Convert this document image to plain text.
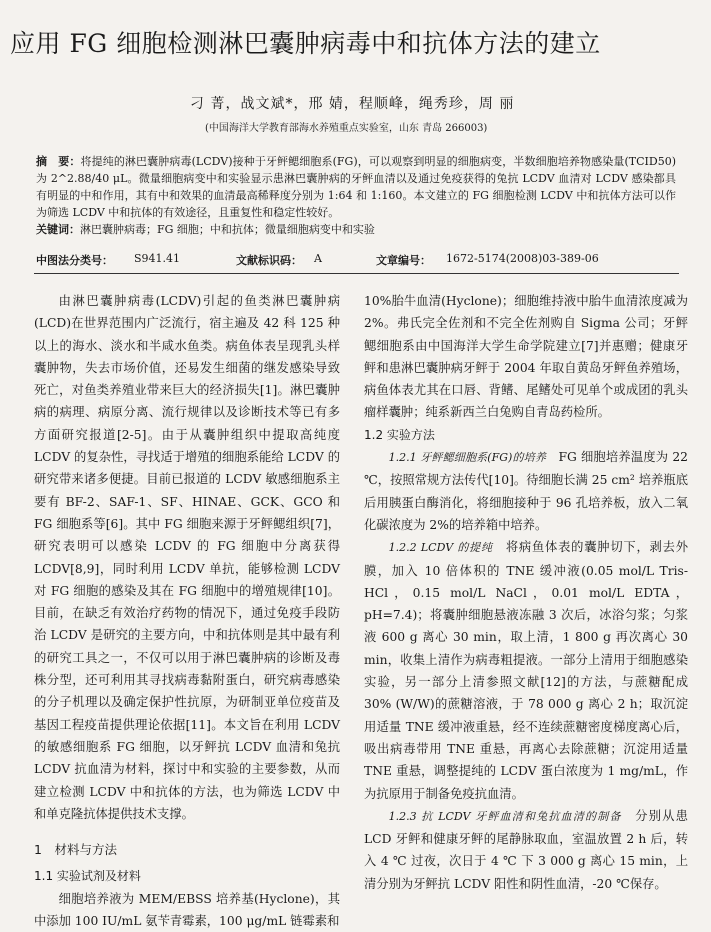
应用 FG 细胞检测淋巴囊肿病毒中和抗体方法的建立
刁 菁，战文斌*，邢 婧，程顺峰，绳秀珍，周 丽
(中国海洋大学教育部海水养殖重点实验室，山东 青岛 266003)

摘　要：将提纯的淋巴囊肿病毒(LCDV)接种于牙鲆鳃细胞系(FG)，可以观察到明显的细胞病变，半数细胞培养物感染量(TCID50)为 2^2.88/40 μL。微量细胞病变中和实验显示患淋巴囊肿病的牙鲆血清以及通过免疫获得的兔抗 LCDV 血清对 LCDV 感染都具有明显的中和作用，其有中和效果的血清最高稀释度分别为 1:64 和 1:160。本文建立的 FG 细胞检测 LCDV 中和抗体方法可以作为筛选 LCDV 中和抗体的有效途径，且重复性和稳定性较好。

关键词：淋巴囊肿病毒；FG 细胞；中和抗体；微量细胞病变中和实验

中图法分类号： S941.41	文献标识码： A	文章编号： 1672-5174(2008)03-389-06

由淋巴囊肿病毒(LCDV)引起的鱼类淋巴囊肿病(LCD)在世界范围内广泛流行，宿主遍及 42 科 125 种以上的海水、淡水和半咸水鱼类。病鱼体表呈现乳头样囊肿物，失去市场价值，还易发生细菌的继发感染导致死亡，对鱼类养殖业带来巨大的经济损失[1]。淋巴囊肿病的病理、病原分离、流行规律以及诊断技术等已有多方面研究报道[2-5]。由于从囊肿组织中提取高纯度 LCDV 的复杂性，寻找适于增殖的细胞系能给 LCDV 的研究带来诸多便捷。目前已报道的 LCDV 敏感细胞系主要有 BF-2、SAF-1、SF、HINAE、GCK、GCO 和 FG 细胞系等[6]。其中 FG 细胞来源于牙鲆鳃组织[7]，研究表明可以感染 LCDV 的 FG 细胞中分离获得 LCDV[8,9]，同时利用 LCDV 单抗，能够检测 LCDV 对 FG 细胞的感染及其在 FG 细胞中的增殖规律[10]。目前，在缺乏有效治疗药物的情况下，通过免疫手段防治 LCDV 是研究的主要方向，中和抗体则是其中最有利的研究工具之一，不仅可以用于淋巴囊肿病的诊断及毒株分型，还可利用其寻找病毒黏附蛋白，研究病毒感染的分子机理以及确定保护性抗原，为研制亚单位疫苗及基因工程疫苗提供理论依据[11]。本文旨在利用 LCDV 的敏感细胞系 FG 细胞，以牙鲆抗 LCDV 血清和兔抗 LCDV 抗血清为材料，探讨中和实验的主要参数，从而建立检测 LCDV 中和抗体的方法，也为筛选 LCDV 中和单克隆抗体提供技术支撑。

1　材料与方法
1.1 实验试剂及材料

细胞培养液为 MEM/EBSS 培养基(Hyclone)，其中添加 100 IU/mL 氨苄青霉素，100 μg/mL 链霉素和

10%胎牛血清(Hyclone)；细胞维持液中胎牛血清浓度减为 2%。弗氏完全佐剂和不完全佐剂购自 Sigma 公司；牙鲆鳃细胞系由中国海洋大学生命学院建立[7]并惠赠；健康牙鲆和患淋巴囊肿病牙鲆于 2004 年取自黄岛牙鲆鱼养殖场，病鱼体表尤其在口唇、背鳍、尾鳍处可见单个或成团的乳头瘤样囊肿；纯系新西兰白兔购自青岛药检所。

1.2 实验方法

1.2.1 牙鲆鳃细胞系(FG)的培养　 FG 细胞培养温度为 22 ℃，按照常规方法传代[10]。待细胞长满 25 cm² 培养瓶底后用胰蛋白酶消化，将细胞接种于 96 孔培养板，放入二氧化碳浓度为 2%的培养箱中培养。

1.2.2 LCDV 的提纯　 将病鱼体表的囊肿切下，剥去外膜，加入 10 倍体积的 TNE 缓冲液(0.05 mol/L Tris-HCl，0.15 mol/L NaCl，0.01 mol/L EDTA，pH=7.4)；将囊肿细胞悬液冻融 3 次后，冰浴匀浆；匀浆液 600 g 离心 30 min，取上清，1 800 g 再次离心 30 min，收集上清作为病毒粗提液。一部分上清用于细胞感染实验，另一部分上清参照文献[12]的方法，与蔗糖配成 30% (W/W)的蔗糖溶液，于 78 000 g 离心 2 h；取沉淀用适量 TNE 缓冲液重悬，经不连续蔗糖密度梯度离心后，吸出病毒带用 TNE 重悬，再离心去除蔗糖；沉淀用适量 TNE 重悬，调整提纯的 LCDV 蛋白浓度为 1 mg/mL，作为抗原用于制备免疫抗血清。

1.2.3 抗 LCDV 牙鲆血清和兔抗血清的制备　 分别从患 LCD 牙鲆和健康牙鲆的尾静脉取血，室温放置 2 h 后，转入 4 ℃ 过夜，次日于 4 ℃ 下 3 000 g 离心 15 min，上清分别为牙鲆抗 LCDV 阳性和阴性血清，-20 ℃保存。
